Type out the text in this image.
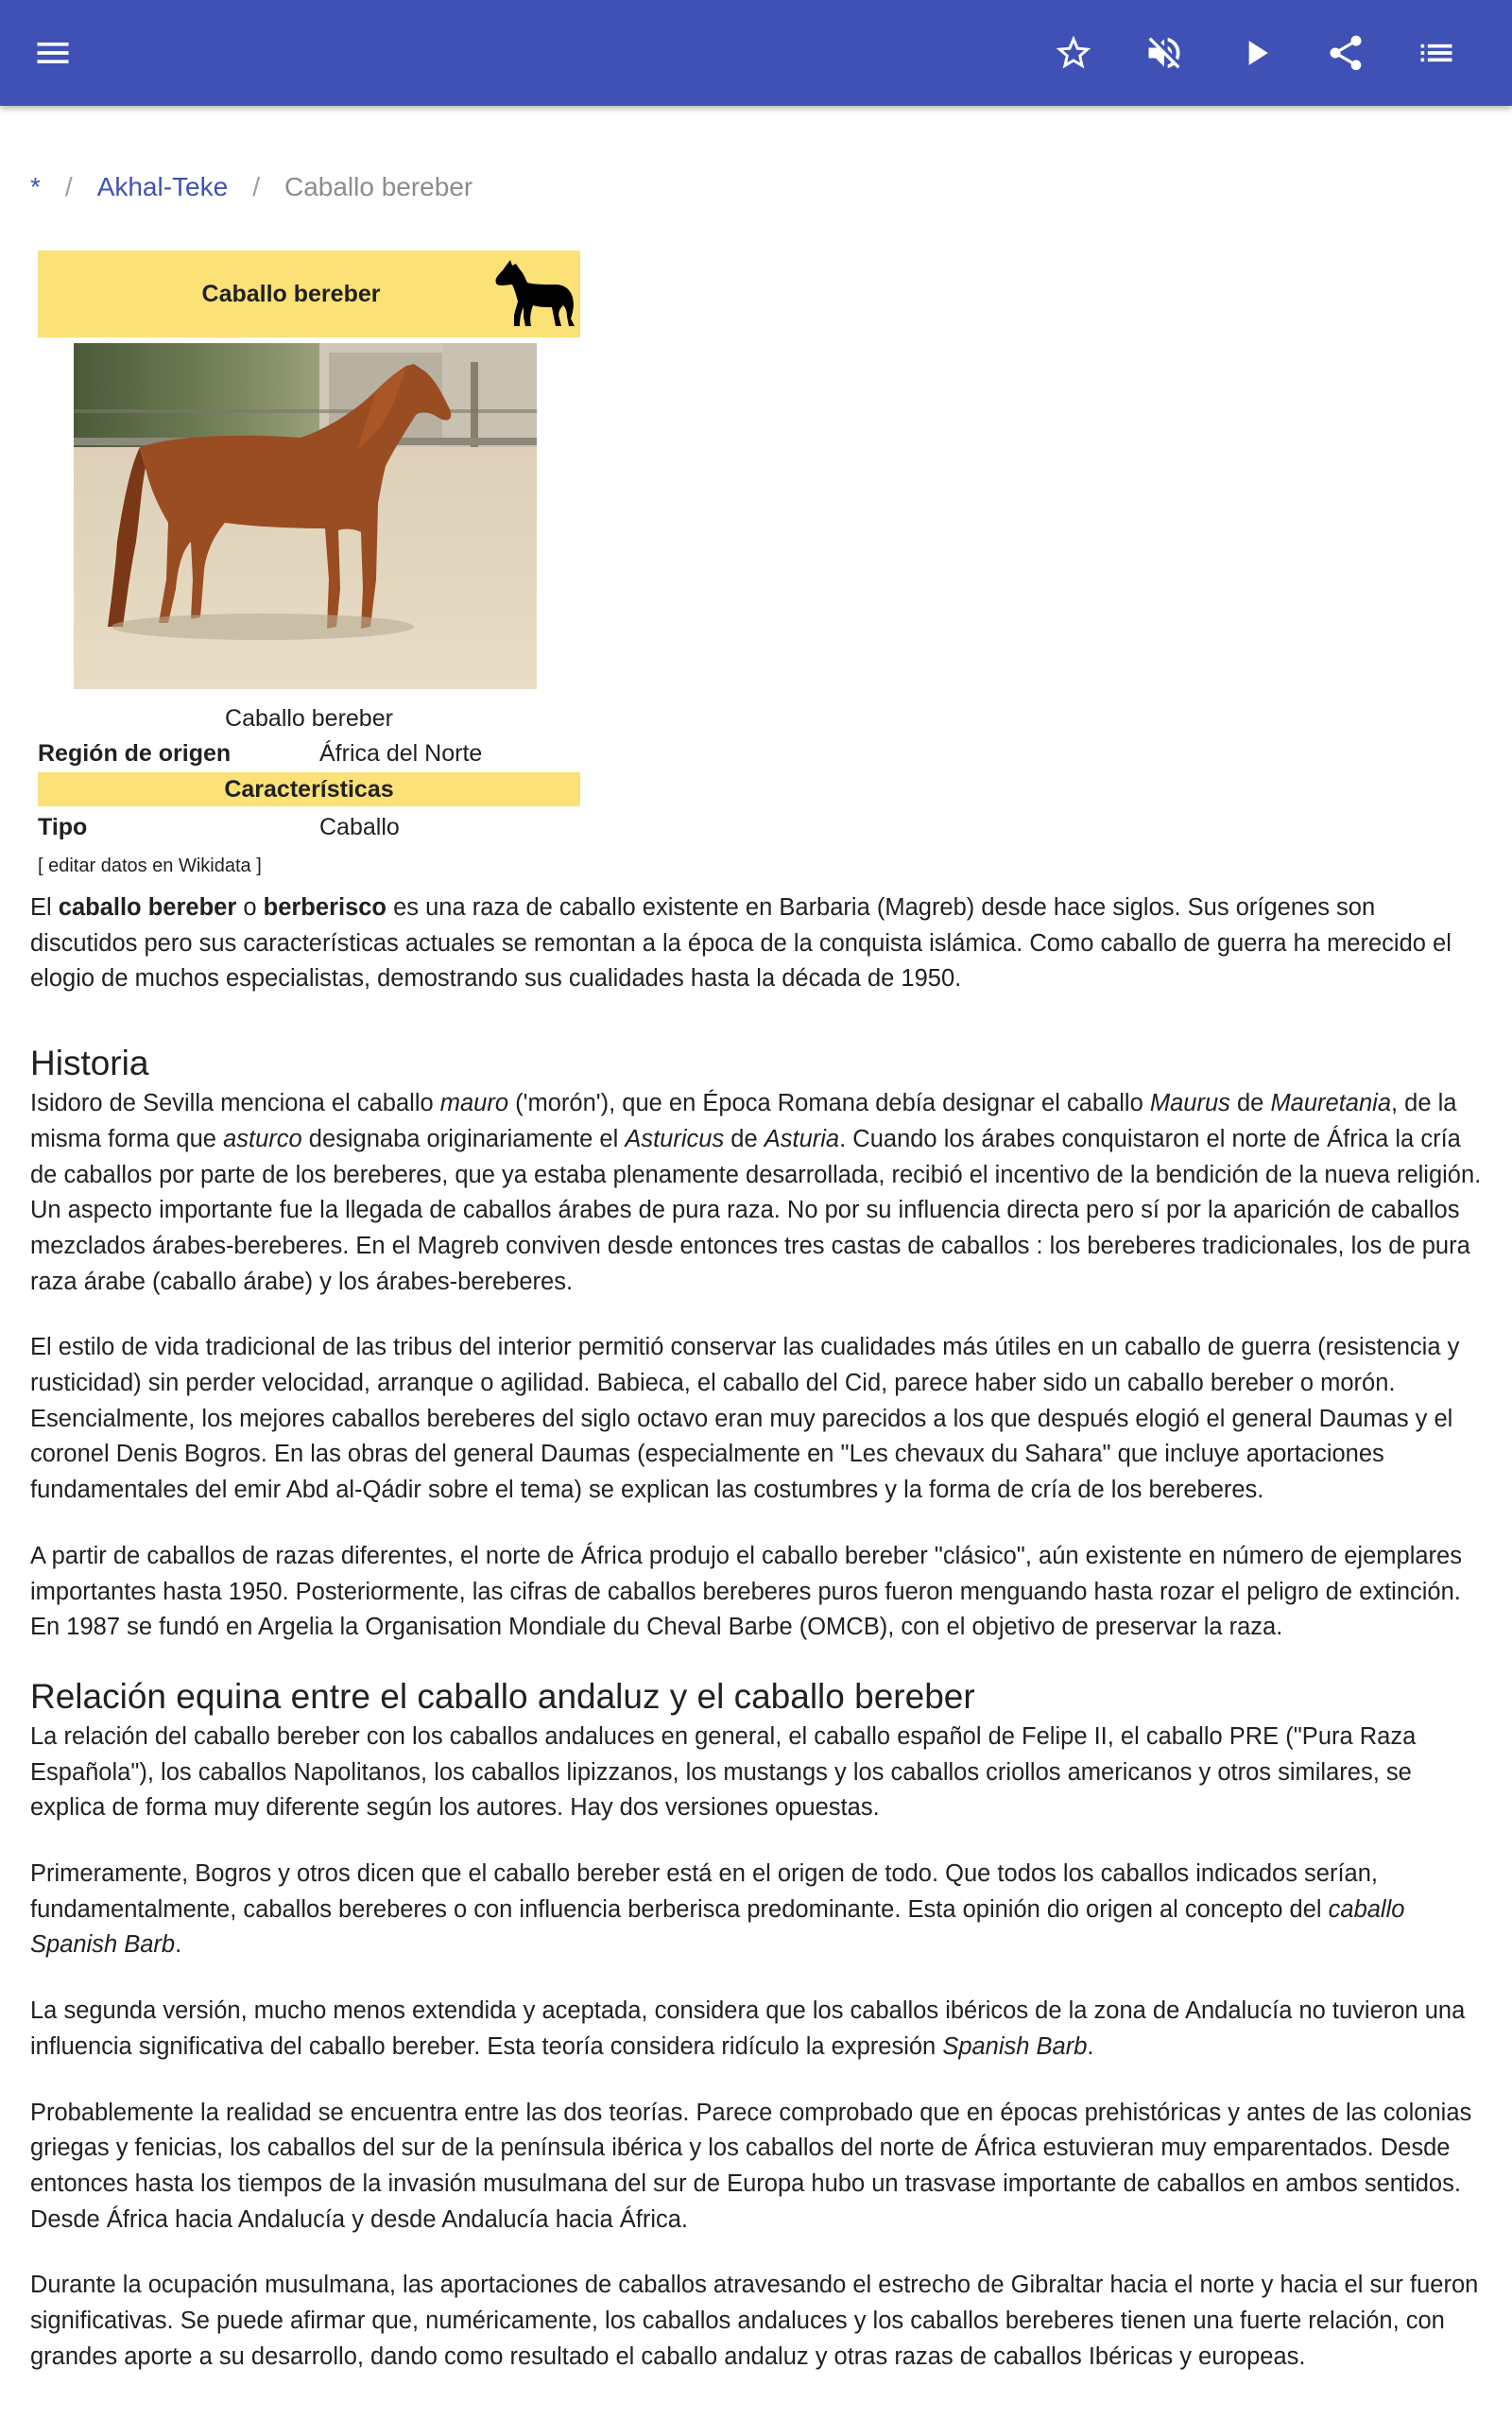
* / Akhal-Teke / Caballo bereber
Caballo bereber
Caballo bereber
Región de origen	África del Norte
Características
Tipo	Caballo
[ editar datos en Wikidata ]

El caballo bereber o berberisco es una raza de caballo existente en Barbaria (Magreb) desde hace siglos. Sus orígenes son discutidos pero sus características actuales se remontan a la época de la conquista islámica. Como caballo de guerra ha merecido el elogio de muchos especialistas, demostrando sus cualidades hasta la década de 1950.

Historia

Isidoro de Sevilla menciona el caballo mauro ('morón'), que en Época Romana debía designar el caballo Maurus de Mauretania, de la misma forma que asturco designaba originariamente el Asturicus de Asturia. Cuando los árabes conquistaron el norte de África la cría de caballos por parte de los bereberes, que ya estaba plenamente desarrollada, recibió el incentivo de la bendición de la nueva religión. Un aspecto importante fue la llegada de caballos árabes de pura raza. No por su influencia directa pero sí por la aparición de caballos mezclados árabes-bereberes. En el Magreb conviven desde entonces tres castas de caballos : los bereberes tradicionales, los de pura raza árabe (caballo árabe) y los árabes-bereberes.

El estilo de vida tradicional de las tribus del interior permitió conservar las cualidades más útiles en un caballo de guerra (resistencia y rusticidad) sin perder velocidad, arranque o agilidad. Babieca, el caballo del Cid, parece haber sido un caballo bereber o morón. Esencialmente, los mejores caballos bereberes del siglo octavo eran muy parecidos a los que después elogió el general Daumas y el coronel Denis Bogros. En las obras del general Daumas (especialmente en "Les chevaux du Sahara" que incluye aportaciones fundamentales del emir Abd al-Qádir sobre el tema) se explican las costumbres y la forma de cría de los bereberes.

A partir de caballos de razas diferentes, el norte de África produjo el caballo bereber "clásico", aún existente en número de ejemplares importantes hasta 1950. Posteriormente, las cifras de caballos bereberes puros fueron menguando hasta rozar el peligro de extinción. En 1987 se fundó en Argelia la Organisation Mondiale du Cheval Barbe (OMCB), con el objetivo de preservar la raza.

Relación equina entre el caballo andaluz y el caballo bereber

La relación del caballo bereber con los caballos andaluces en general, el caballo español de Felipe II, el caballo PRE ("Pura Raza Española"), los caballos Napolitanos, los caballos lipizzanos, los mustangs y los caballos criollos americanos y otros similares, se explica de forma muy diferente según los autores. Hay dos versiones opuestas.

Primeramente, Bogros y otros dicen que el caballo bereber está en el origen de todo. Que todos los caballos indicados serían, fundamentalmente, caballos bereberes o con influencia berberisca predominante. Esta opinión dio origen al concepto del caballo Spanish Barb.

La segunda versión, mucho menos extendida y aceptada, considera que los caballos ibéricos de la zona de Andalucía no tuvieron una influencia significativa del caballo bereber. Esta teoría considera ridículo la expresión Spanish Barb.

Probablemente la realidad se encuentra entre las dos teorías. Parece comprobado que en épocas prehistóricas y antes de las colonias griegas y fenicias, los caballos del sur de la península ibérica y los caballos del norte de África estuvieran muy emparentados. Desde entonces hasta los tiempos de la invasión musulmana del sur de Europa hubo un trasvase importante de caballos en ambos sentidos. Desde África hacia Andalucía y desde Andalucía hacia África.

Durante la ocupación musulmana, las aportaciones de caballos atravesando el estrecho de Gibraltar hacia el norte y hacia el sur fueron significativas. Se puede afirmar que, numéricamente, los caballos andaluces y los caballos bereberes tienen una fuerte relación, con grandes aporte a su desarrollo, dando como resultado el caballo andaluz y otras razas de caballos Ibéricas y europeas.
